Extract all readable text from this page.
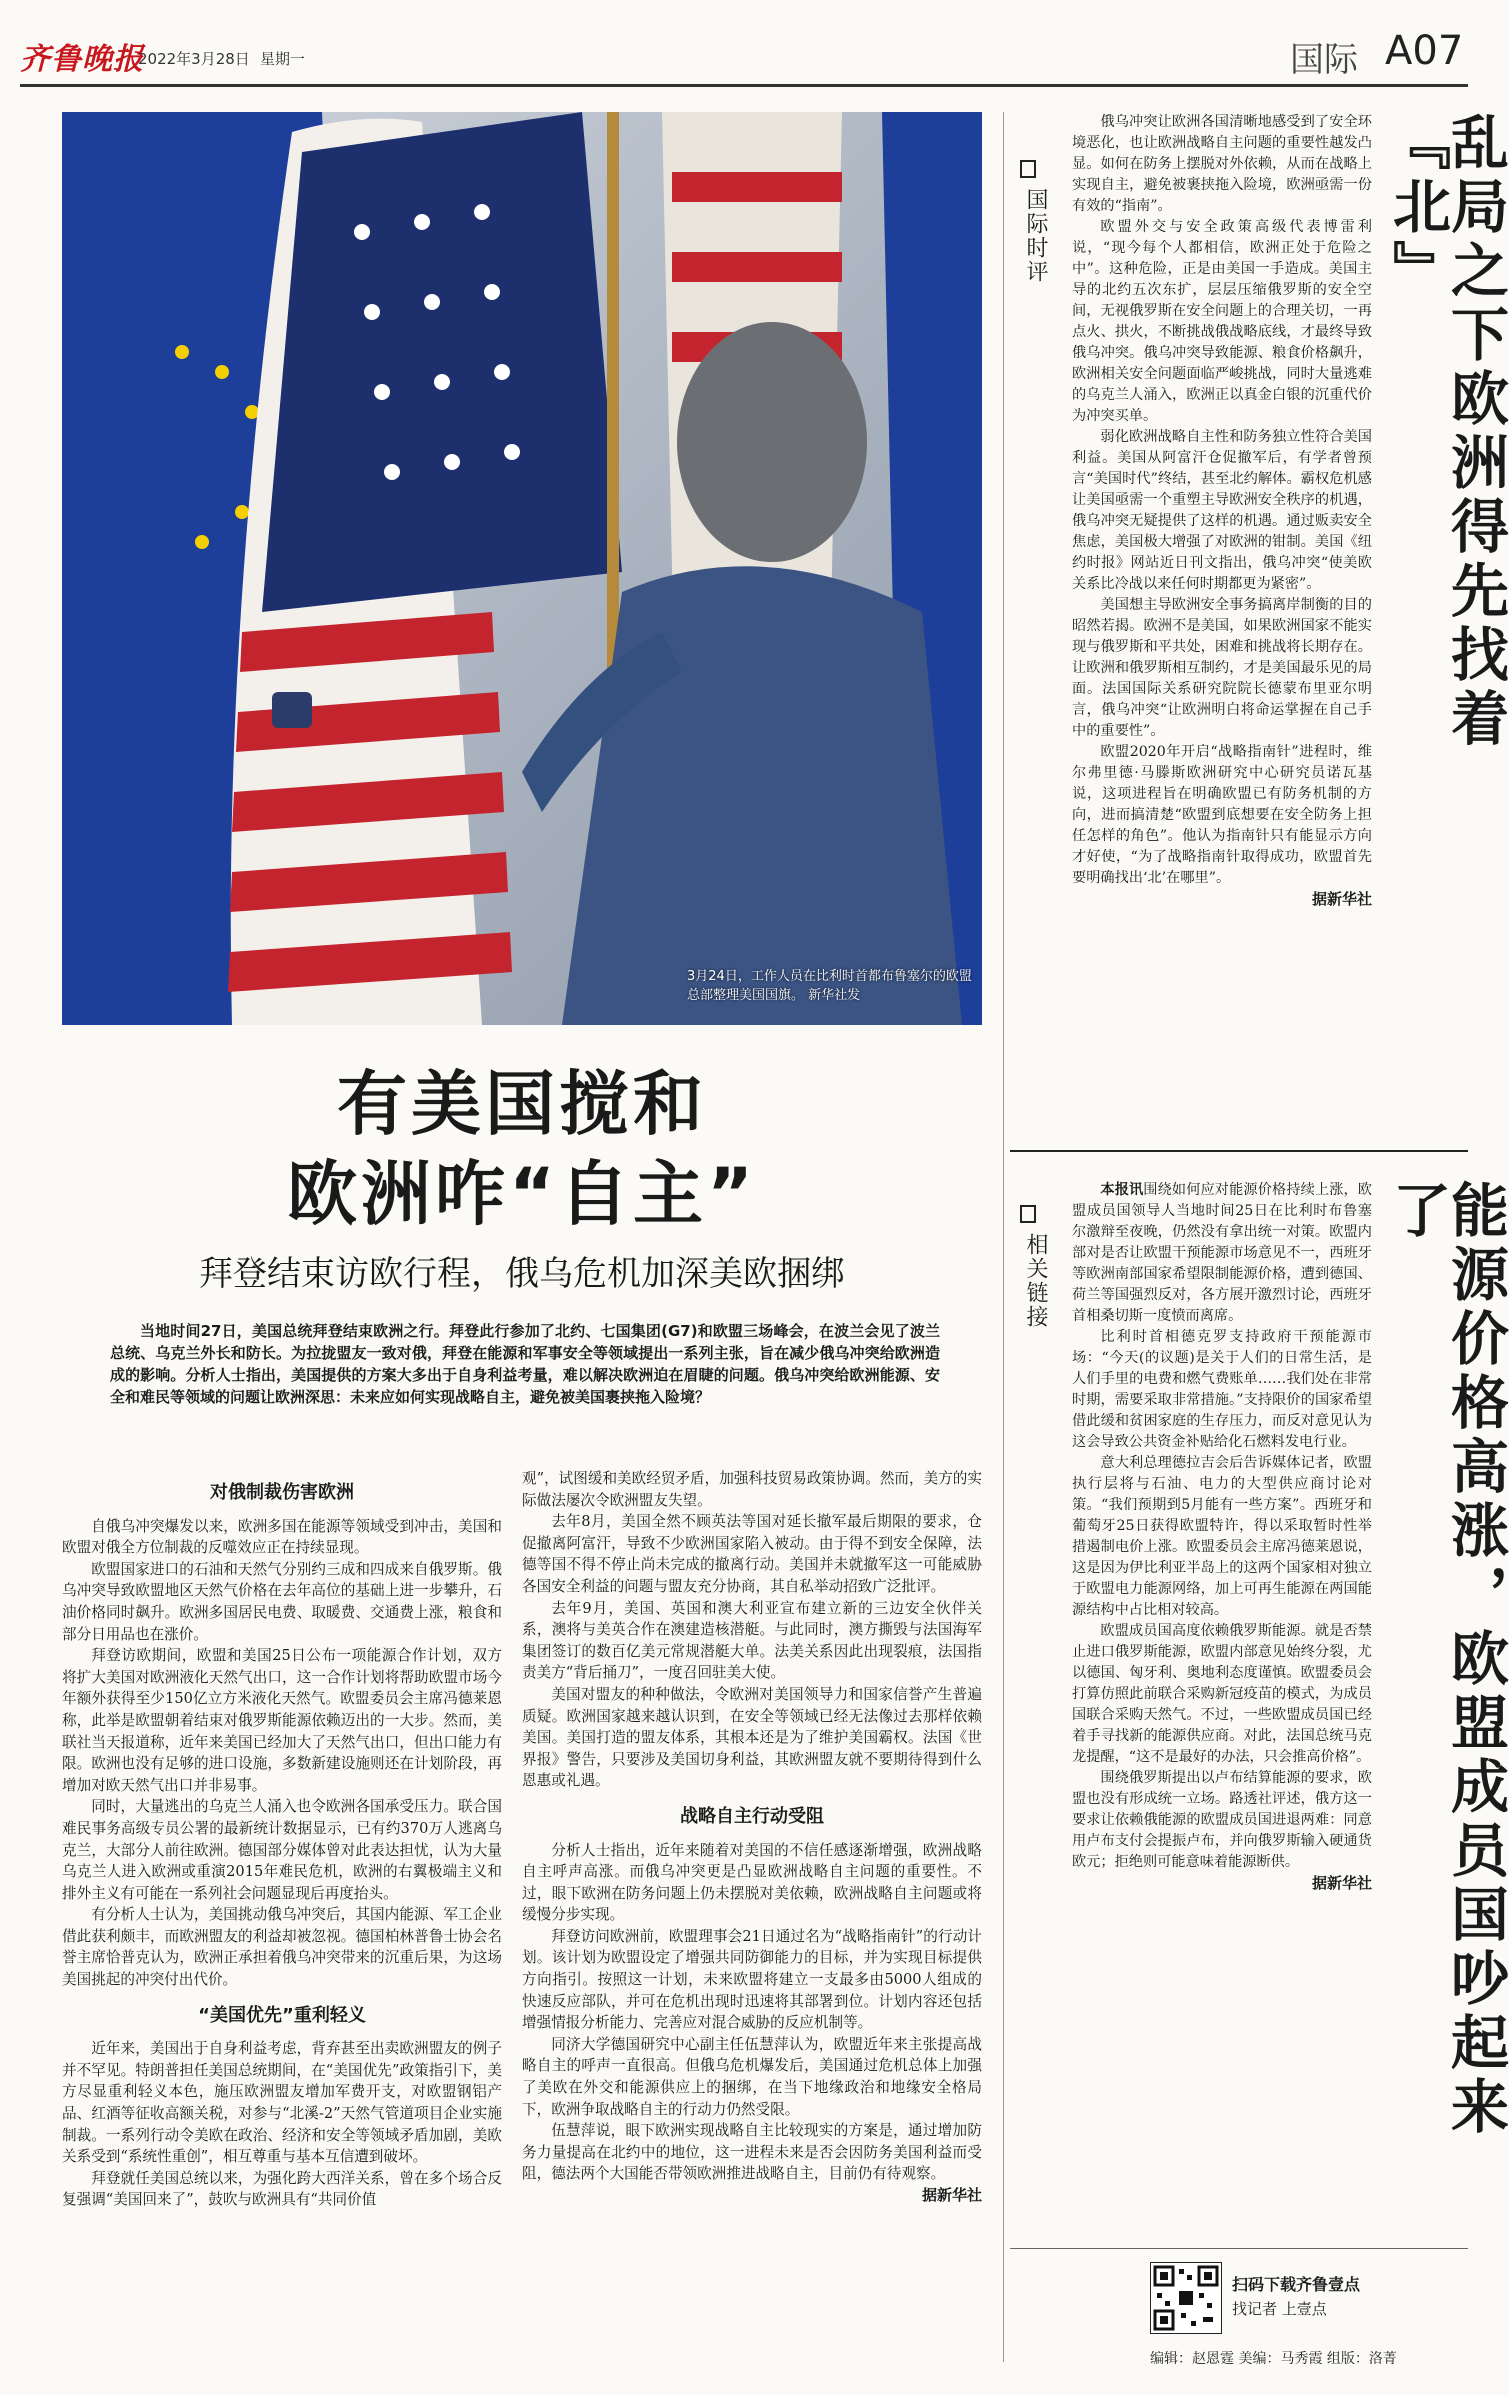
齐鲁晚报
2022年3月28日 星期一	国际 A07
3月24日，工作人员在比利时首都布鲁塞尔的欧盟总部整理美国国旗。 新华社发
有美国搅和
欧洲咋“自主”
拜登结束访欧行程，俄乌危机加深美欧捆绑
当地时间27日，美国总统拜登结束欧洲之行。拜登此行参加了北约、七国集团(G7)和欧盟三场峰会，在波兰会见了波兰总统、乌克兰外长和防长。为拉拢盟友一致对俄，拜登在能源和军事安全等领域提出一系列主张，旨在减少俄乌冲突给欧洲造成的影响。分析人士指出，美国提供的方案大多出于自身利益考量，难以解决欧洲迫在眉睫的问题。俄乌冲突给欧洲能源、安全和难民等领域的问题让欧洲深思：未来应如何实现战略自主，避免被美国裹挟拖入险境？
对俄制裁伤害欧洲

自俄乌冲突爆发以来，欧洲多国在能源等领域受到冲击，美国和欧盟对俄全方位制裁的反噬效应正在持续显现。

欧盟国家进口的石油和天然气分别约三成和四成来自俄罗斯。俄乌冲突导致欧盟地区天然气价格在去年高位的基础上进一步攀升，石油价格同时飙升。欧洲多国居民电费、取暖费、交通费上涨，粮食和部分日用品也在涨价。

拜登访欧期间，欧盟和美国25日公布一项能源合作计划，双方将扩大美国对欧洲液化天然气出口，这一合作计划将帮助欧盟市场今年额外获得至少150亿立方米液化天然气。欧盟委员会主席冯德莱恩称，此举是欧盟朝着结束对俄罗斯能源依赖迈出的一大步。然而，美联社当天报道称，近年来美国已经加大了天然气出口，但出口能力有限。欧洲也没有足够的进口设施，多数新建设施则还在计划阶段，再增加对欧天然气出口并非易事。

同时，大量逃出的乌克兰人涌入也令欧洲各国承受压力。联合国难民事务高级专员公署的最新统计数据显示，已有约370万人逃离乌克兰，大部分人前往欧洲。德国部分媒体曾对此表达担忧，认为大量乌克兰人进入欧洲或重演2015年难民危机，欧洲的右翼极端主义和排外主义有可能在一系列社会问题显现后再度抬头。

有分析人士认为，美国挑动俄乌冲突后，其国内能源、军工企业借此获利颇丰，而欧洲盟友的利益却被忽视。德国柏林普鲁士协会名誉主席恰普克认为，欧洲正承担着俄乌冲突带来的沉重后果，为这场美国挑起的冲突付出代价。

“美国优先”重利轻义

近年来，美国出于自身利益考虑，背弃甚至出卖欧洲盟友的例子并不罕见。特朗普担任美国总统期间，在“美国优先”政策指引下，美方尽显重利轻义本色，施压欧洲盟友增加军费开支，对欧盟钢铝产品、红酒等征收高额关税，对参与“北溪-2”天然气管道项目企业实施制裁。一系列行动令美欧在政治、经济和安全等领域矛盾加剧，美欧关系受到“系统性重创”，相互尊重与基本互信遭到破坏。

拜登就任美国总统以来，为强化跨大西洋关系，曾在多个场合反复强调“美国回来了”，鼓吹与欧洲具有“共同价值

观”，试图缓和美欧经贸矛盾，加强科技贸易政策协调。然而，美方的实际做法屡次令欧洲盟友失望。

去年8月，美国全然不顾英法等国对延长撤军最后期限的要求，仓促撤离阿富汗，导致不少欧洲国家陷入被动。由于得不到安全保障，法德等国不得不停止尚未完成的撤离行动。美国并未就撤军这一可能威胁各国安全利益的问题与盟友充分协商，其自私举动招致广泛批评。

去年9月，美国、英国和澳大利亚宣布建立新的三边安全伙伴关系，澳将与美英合作在澳建造核潜艇。与此同时，澳方撕毁与法国海军集团签订的数百亿美元常规潜艇大单。法美关系因此出现裂痕，法国指责美方“背后捅刀”，一度召回驻美大使。

美国对盟友的种种做法，令欧洲对美国领导力和国家信誉产生普遍质疑。欧洲国家越来越认识到，在安全等领域已经无法像过去那样依赖美国。美国打造的盟友体系，其根本还是为了维护美国霸权。法国《世界报》警告，只要涉及美国切身利益，其欧洲盟友就不要期待得到什么恩惠或礼遇。

战略自主行动受阻

分析人士指出，近年来随着对美国的不信任感逐渐增强，欧洲战略自主呼声高涨。而俄乌冲突更是凸显欧洲战略自主问题的重要性。不过，眼下欧洲在防务问题上仍未摆脱对美依赖，欧洲战略自主问题或将缓慢分步实现。

拜登访问欧洲前，欧盟理事会21日通过名为“战略指南针”的行动计划。该计划为欧盟设定了增强共同防御能力的目标，并为实现目标提供方向指引。按照这一计划，未来欧盟将建立一支最多由5000人组成的快速反应部队，并可在危机出现时迅速将其部署到位。计划内容还包括增强情报分析能力、完善应对混合威胁的反应机制等。

同济大学德国研究中心副主任伍慧萍认为，欧盟近年来主张提高战略自主的呼声一直很高。但俄乌危机爆发后，美国通过危机总体上加强了美欧在外交和能源供应上的捆绑，在当下地缘政治和地缘安全格局下，欧洲争取战略自主的行动力仍然受限。

伍慧萍说，眼下欧洲实现战略自主比较现实的方案是，通过增加防务力量提高在北约中的地位，这一进程未来是否会因防务美国利益而受阻，德法两个大国能否带领欧洲推进战略自主，目前仍有待观察。

据新华社
国际时评

俄乌冲突让欧洲各国清晰地感受到了安全环境恶化，也让欧洲战略自主问题的重要性越发凸显。如何在防务上摆脱对外依赖，从而在战略上实现自主，避免被裹挟拖入险境，欧洲亟需一份有效的“指南”。

欧盟外交与安全政策高级代表博雷利说，“现今每个人都相信，欧洲正处于危险之中”。这种危险，正是由美国一手造成。美国主导的北约五次东扩，层层压缩俄罗斯的安全空间，无视俄罗斯在安全问题上的合理关切，一再点火、拱火，不断挑战俄战略底线，才最终导致俄乌冲突。俄乌冲突导致能源、粮食价格飙升，欧洲相关安全问题面临严峻挑战，同时大量逃难的乌克兰人涌入，欧洲正以真金白银的沉重代价为冲突买单。

弱化欧洲战略自主性和防务独立性符合美国利益。美国从阿富汗仓促撤军后，有学者曾预言“美国时代”终结，甚至北约解体。霸权危机感让美国亟需一个重塑主导欧洲安全秩序的机遇，俄乌冲突无疑提供了这样的机遇。通过贩卖安全焦虑，美国极大增强了对欧洲的钳制。美国《纽约时报》网站近日刊文指出，俄乌冲突“使美欧关系比冷战以来任何时期都更为紧密”。

美国想主导欧洲安全事务搞离岸制衡的目的昭然若揭。欧洲不是美国，如果欧洲国家不能实现与俄罗斯和平共处，困难和挑战将长期存在。让欧洲和俄罗斯相互制约，才是美国最乐见的局面。法国国际关系研究院院长德蒙布里亚尔明言，俄乌冲突“让欧洲明白将命运掌握在自己手中的重要性”。

欧盟2020年开启“战略指南针”进程时，维尔弗里德·马滕斯欧洲研究中心研究员诺瓦基说，这项进程旨在明确欧盟已有防务机制的方向，进而搞清楚“欧盟到底想要在安全防务上担任怎样的角色”。他认为指南针只有能显示方向才好使，“为了战略指南针取得成功，欧盟首先要明确找出‘北’在哪里”。

据新华社
乱局之下欧洲得先找着『北』
相关链接

本报讯围绕如何应对能源价格持续上涨，欧盟成员国领导人当地时间25日在比利时布鲁塞尔激辩至夜晚，仍然没有拿出统一对策。欧盟内部对是否让欧盟干预能源市场意见不一，西班牙等欧洲南部国家希望限制能源价格，遭到德国、荷兰等国强烈反对，各方展开激烈讨论，西班牙首相桑切斯一度愤而离席。

比利时首相德克罗支持政府干预能源市场：“今天(的议题)是关于人们的日常生活，是人们手里的电费和燃气费账单……我们处在非常时期，需要采取非常措施。”支持限价的国家希望借此缓和贫困家庭的生存压力，而反对意见认为这会导致公共资金补贴给化石燃料发电行业。

意大利总理德拉吉会后告诉媒体记者，欧盟执行层将与石油、电力的大型供应商讨论对策。“我们预期到5月能有一些方案”。西班牙和葡萄牙25日获得欧盟特许，得以采取暂时性举措遏制电价上涨。欧盟委员会主席冯德莱恩说，这是因为伊比利亚半岛上的这两个国家相对独立于欧盟电力能源网络，加上可再生能源在两国能源结构中占比相对较高。

欧盟成员国高度依赖俄罗斯能源。就是否禁止进口俄罗斯能源，欧盟内部意见始终分裂，尤以德国、匈牙利、奥地利态度谨慎。欧盟委员会打算仿照此前联合采购新冠疫苗的模式，为成员国联合采购天然气。不过，一些欧盟成员国已经着手寻找新的能源供应商。对此，法国总统马克龙提醒，“这不是最好的办法，只会推高价格”。

围绕俄罗斯提出以卢布结算能源的要求，欧盟也没有形成统一立场。路透社评述，俄方这一要求让依赖俄能源的欧盟成员国进退两难：同意用卢布支付会提振卢布，并向俄罗斯输入硬通货欧元；拒绝则可能意味着能源断供。

据新华社	能源价格高涨，欧盟成员国吵起来了
扫码下载齐鲁壹点
找记者 上壹点
编辑：赵恩霆 美编：马秀霞 组版：洛菁
